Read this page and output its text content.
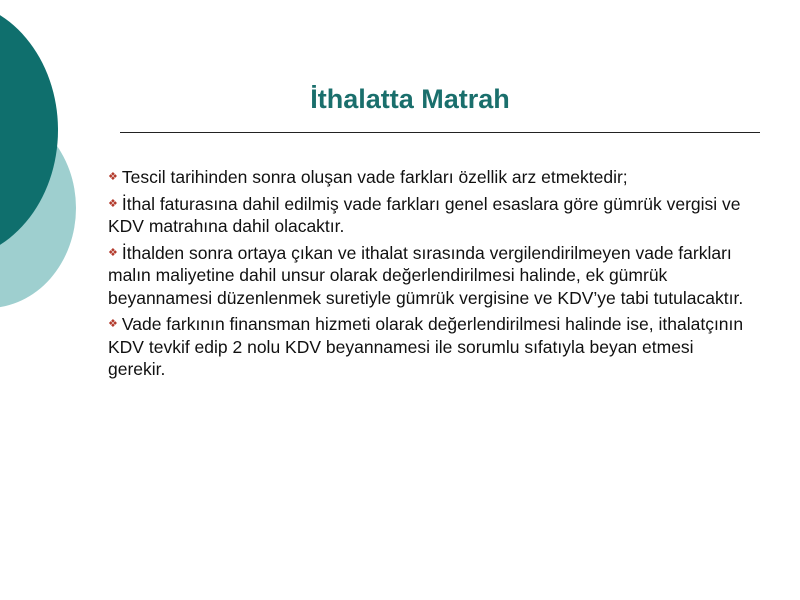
İthalatta Matrah
❖ Tescil tarihinden sonra oluşan vade farkları özellik arz etmektedir;
❖ İthal faturasına dahil edilmiş vade farkları genel esaslara göre gümrük vergisi ve KDV matrahına dahil olacaktır.
❖ İthalden sonra ortaya çıkan ve ithalat sırasında vergilendirilmeyen vade farkları malın maliyetine dahil unsur olarak değerlendirilmesi halinde, ek gümrük beyannamesi düzenlenmek suretiyle gümrük vergisine ve KDV’ye tabi tutulacaktır.
❖ Vade farkının finansman hizmeti olarak değerlendirilmesi halinde ise, ithalatçının KDV tevkif edip 2 nolu KDV beyannamesi ile sorumlu sıfatıyla beyan etmesi gerekir.
